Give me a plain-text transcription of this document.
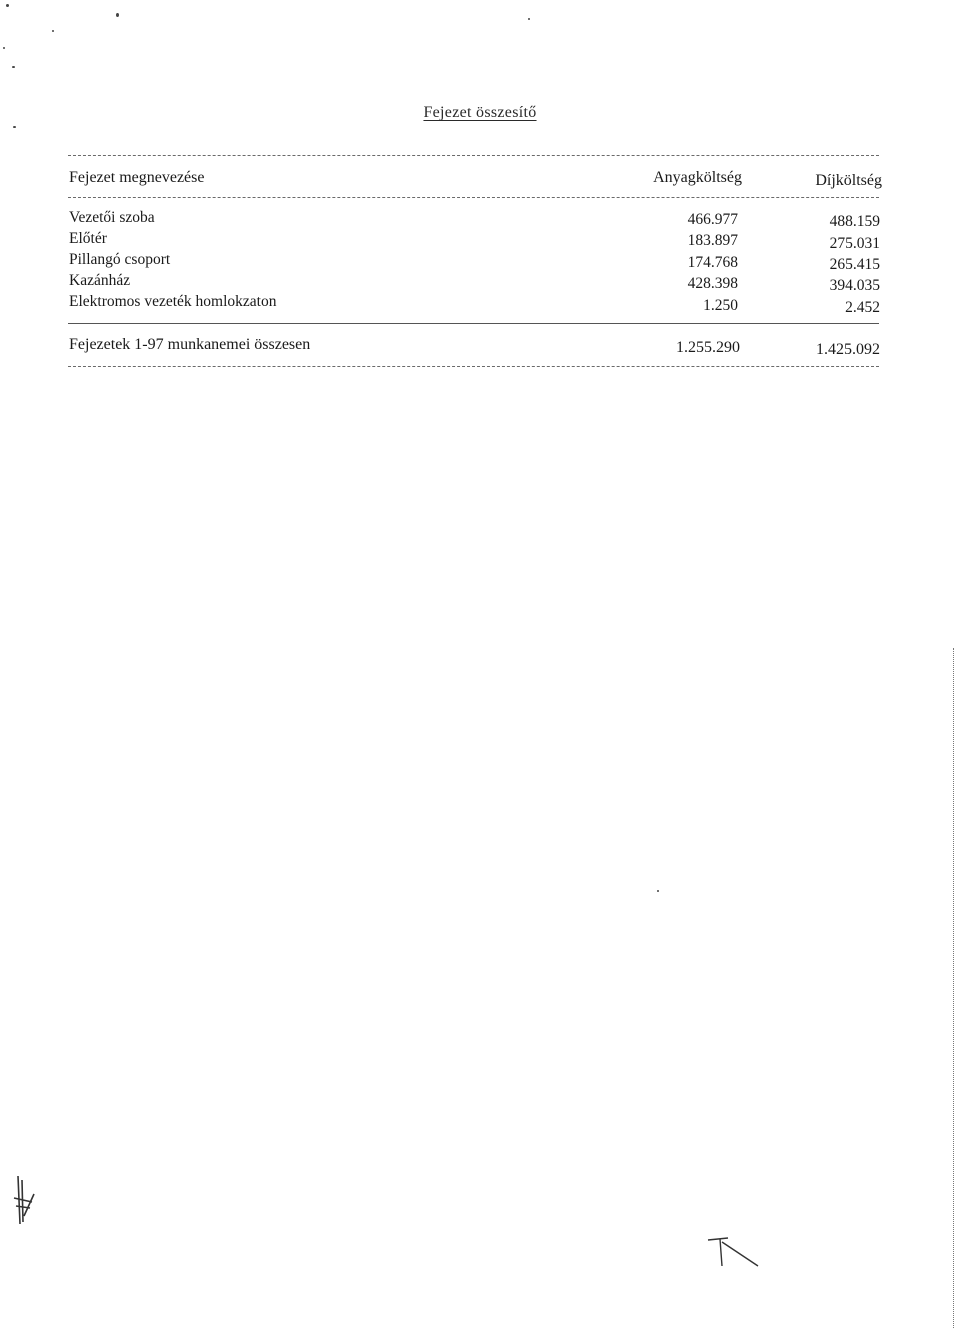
Fejezet összesítő
Fejezet megnevezése	Anyagköltség	Díjköltség
Vezetői szoba	466.977	488.159
Előtér	183.897	275.031
Pillangó csoport	174.768	265.415
Kazánház	428.398	394.035
Elektromos vezeték homlokzaton	1.250	2.452
Fejezetek 1-97 munkanemei összesen	1.255.290	1.425.092
